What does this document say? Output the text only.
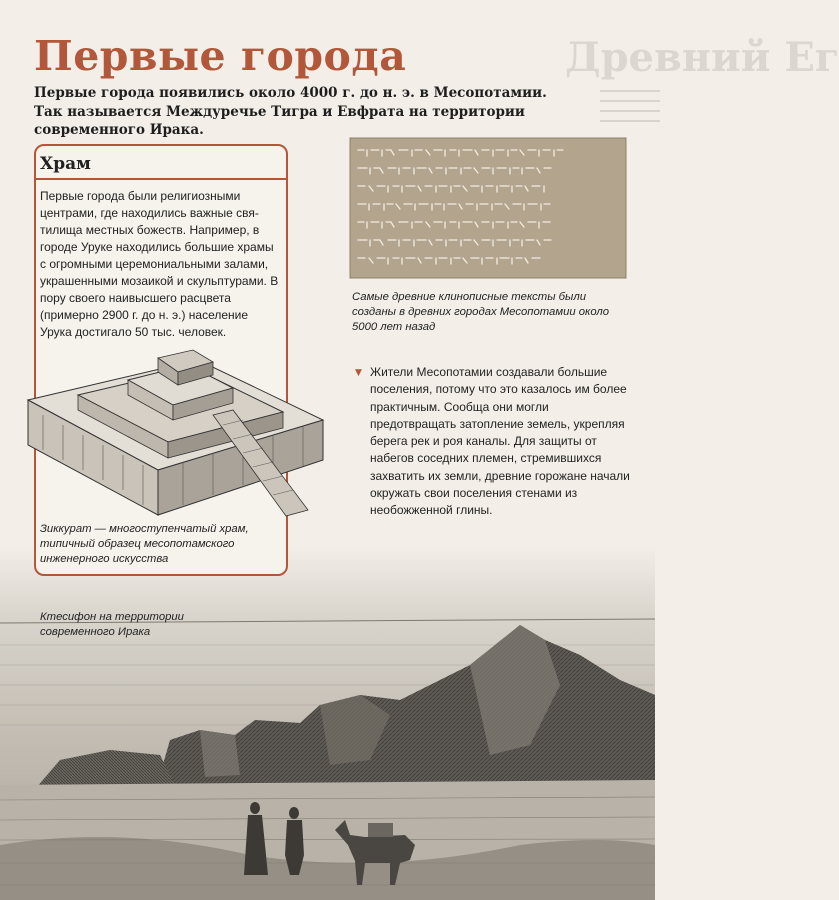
Древний Ег
Первые города

Первые города появились около 4000 г. до н. э. в Месопотамии. Так называется Междуречье Тигра и Евфрата на территории современного Ирака.

Храм

Первые города были религиозными центрами, где находились важные святилища местных божеств. Например, в городе Уруке находились большие храмы с огромными церемониальными залами, украшенными мозаикой и скульптурами. В пору своего наивысшего расцвета (примерно 2900 г. до н. э.) население Урука достигало 50 тыс. человек.

Зиккурат — многоступенчатый храм, типичный образец месопотамского инженерного искусства

Самые древние клинописные тексты были созданы в древних городах Месопотамии около 5000 лет назад

▼ Жители Месопотамии создавали большие поселения, потому что это казалось им более практичным. Сообща они могли предотвращать затопление земель, укрепляя берега рек и роя каналы. Для защиты от набегов соседних племен, стремившихся захватить их земли, древние горожане начали окружать свои поселения стенами из необожженной глины.

Ктесифон на территории современного Ирака
